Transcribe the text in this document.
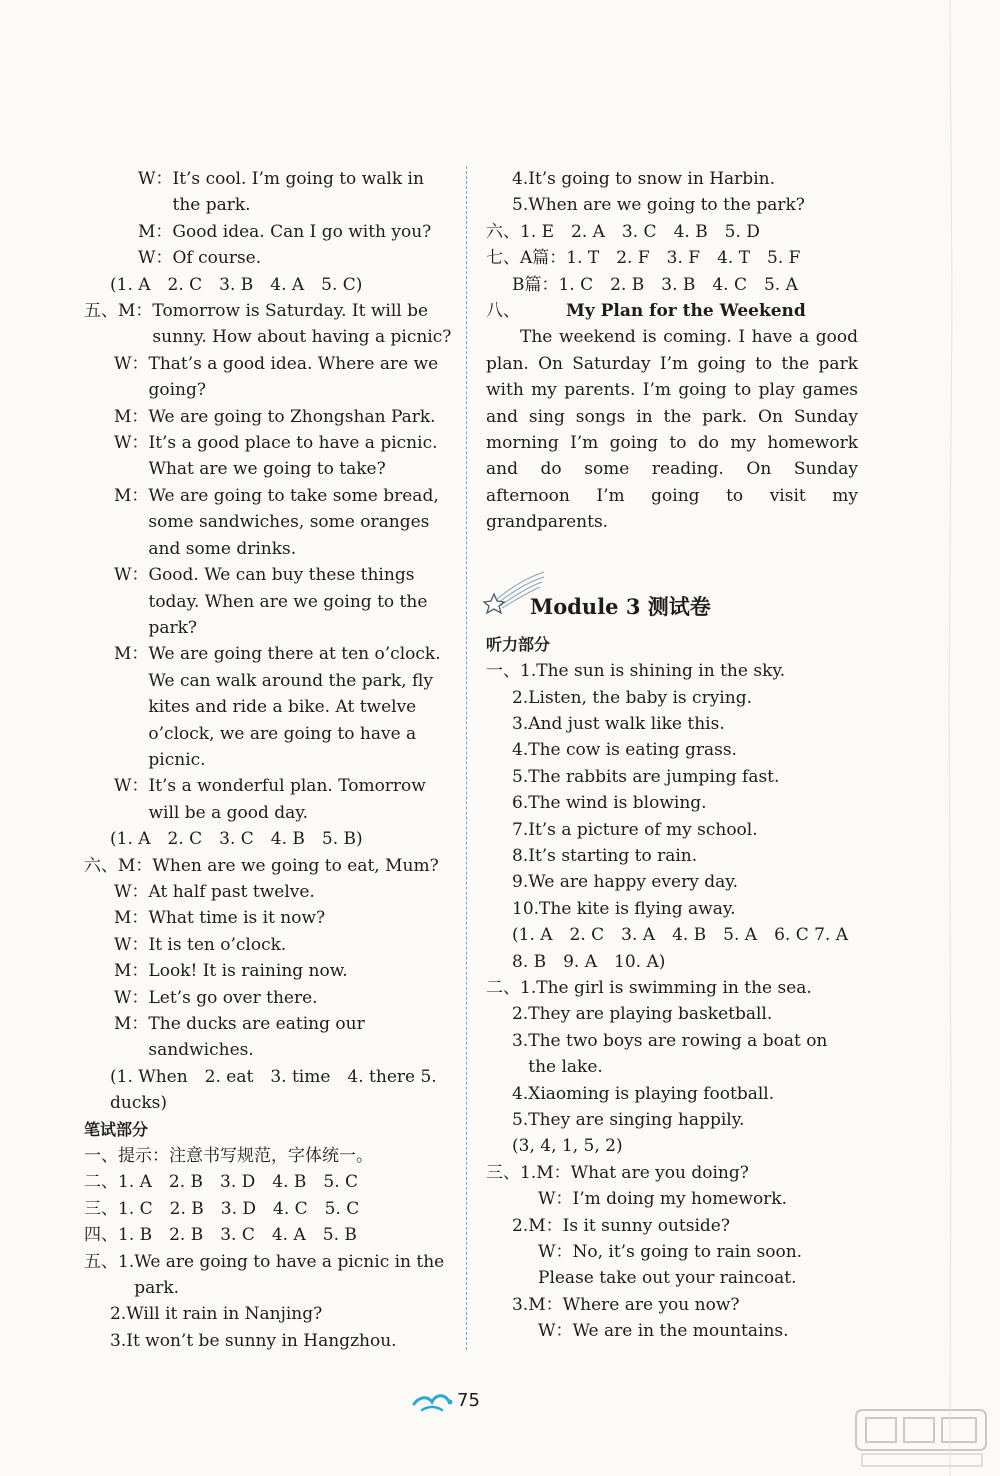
W： It’s cool. I’m going to walk in the park.
M： Good idea. Can I go with you?
W： Of course.
(1. A　2. C　3. B　4. A　5. C)
五、 M： Tomorrow is Saturday. It will be sunny. How about having a picnic?
W： That’s a good idea. Where are we going?
M： We are going to Zhongshan Park.
W： It’s a good place to have a picnic. What are we going to take?
M： We are going to take some bread, some sandwiches, some oranges and some drinks.
W： Good. We can buy these things today. When are we going to the park?
M： We are going there at ten o’clock. We can walk around the park, fly kites and ride a bike. At twelve o’clock, we are going to have a picnic.
W： It’s a wonderful plan. Tomorrow will be a good day.
(1. A　2. C　3. C　4. B　5. B)
六、 M： When are we going to eat, Mum?
W： At half past twelve.
M： What time is it now?
W： It is ten o’clock.
M： Look! It is raining now.
W： Let’s go over there.
M： The ducks are eating our sandwiches.
(1. When　2. eat　3. time　4. there 5. ducks)
笔试部分
一、 提示：注意书写规范，字体统一。
二、 1. A　2. B　3. D　4. B　5. C
三、 1. C　2. B　3. D　4. C　5. C
四、 1. B　2. B　3. C　4. A　5. B
五、 1. We are going to have a picnic in the park.
2. Will it rain in Nanjing?
3. It won’t be sunny in Hangzhou.
4. It’s going to snow in Harbin.
5. When are we going to the park?
六、 1. E　2. A　3. C　4. B　5. D
七、 A篇： 1. T　2. F　3. F　4. T　5. F
B篇： 1. C　2. B　3. B　4. C　5. A
八、	My Plan for the Weekend
The weekend is coming. I have a good plan. On Saturday I’m going to the park with my parents. I’m going to play games and sing songs in the park. On Sunday morning I’m going to do my homework and do some reading. On Sunday afternoon I’m going to visit my grandparents.
Module 3 测试卷
听力部分
一、 1. The sun is shining in the sky.
2. Listen, the baby is crying.
3. And just walk like this.
4. The cow is eating grass.
5. The rabbits are jumping fast.
6. The wind is blowing.
7. It’s a picture of my school.
8. It’s starting to rain.
9. We are happy every day.
10. The kite is flying away.
(1. A　2. C　3. A　4. B　5. A　6. C 7. A　8. B　9. A　10. A)
二、 1. The girl is swimming in the sea.
2. They are playing basketball.
3. The two boys are rowing a boat on the lake.
4. Xiaoming is playing football.
5. They are singing happily.
(3, 4, 1, 5, 2)
三、 1. M：What are you doing?
W：I’m doing my homework.
2. M：Is it sunny outside?
W：No, it’s going to rain soon. Please take out your raincoat.
3. M：Where are you now?
W：We are in the mountains.
75
